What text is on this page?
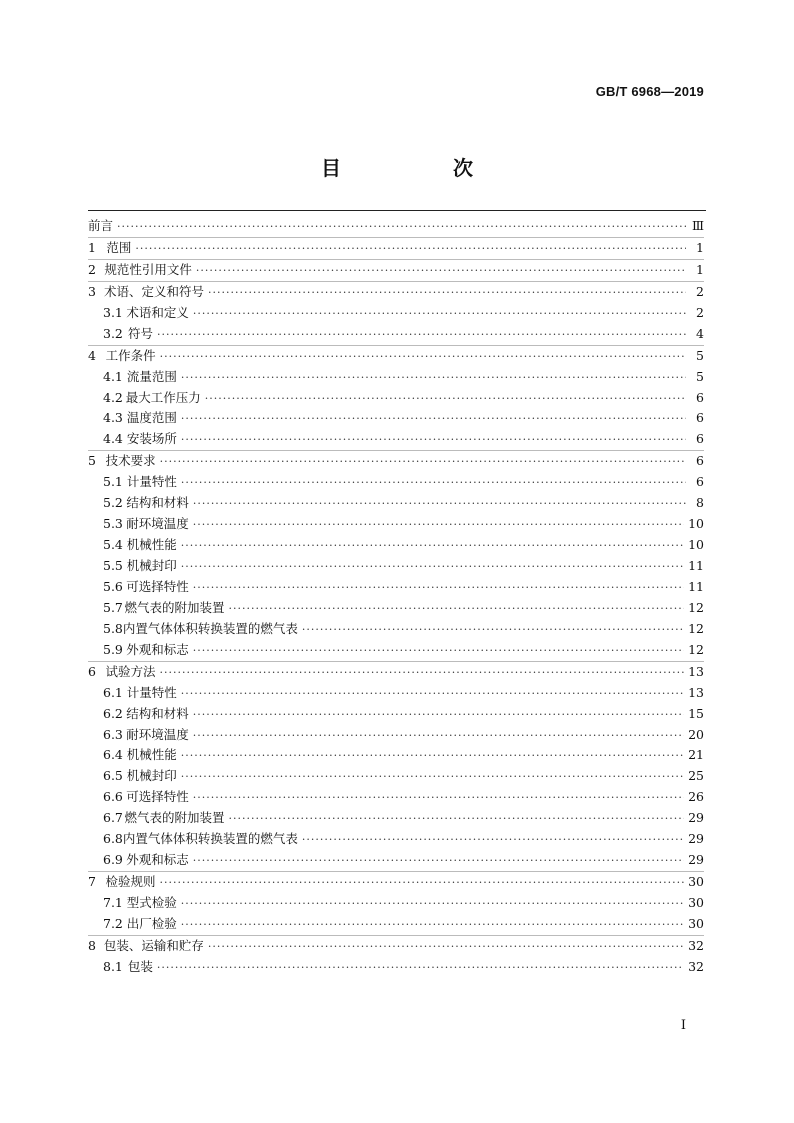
GB/T 6968—2019
目　次
前言 ·····	Ⅲ
1 范围 ·····	1
2 规范性引用文件 ·····	1
3 术语、定义和符号 ·····	2
3.1 术语和定义 ·····	2
3.2 符号 ·····	4
4 工作条件 ·····	5
4.1 流量范围 ·····	5
4.2 最大工作压力 ·····	6
4.3 温度范围 ·····	6
4.4 安装场所 ·····	6
5 技术要求 ·····	6
5.1 计量特性 ·····	6
5.2 结构和材料 ·····	8
5.3 耐环境温度 ·····	10
5.4 机械性能 ·····	10
5.5 机械封印 ·····	11
5.6 可选择特性 ·····	11
5.7 燃气表的附加装置 ·····	12
5.8 内置气体体积转换装置的燃气表 ·····	12
5.9 外观和标志 ·····	12
6 试验方法 ·····	13
6.1 计量特性 ·····	13
6.2 结构和材料 ·····	15
6.3 耐环境温度 ·····	20
6.4 机械性能 ·····	21
6.5 机械封印 ·····	25
6.6 可选择特性 ·····	26
6.7 燃气表的附加装置 ·····	29
6.8 内置气体体积转换装置的燃气表 ·····	29
6.9 外观和标志 ·····	29
7 检验规则 ·····	30
7.1 型式检验 ·····	30
7.2 出厂检验 ·····	30
8 包装、运输和贮存 ·····	32
8.1 包装 ·····	32
I
